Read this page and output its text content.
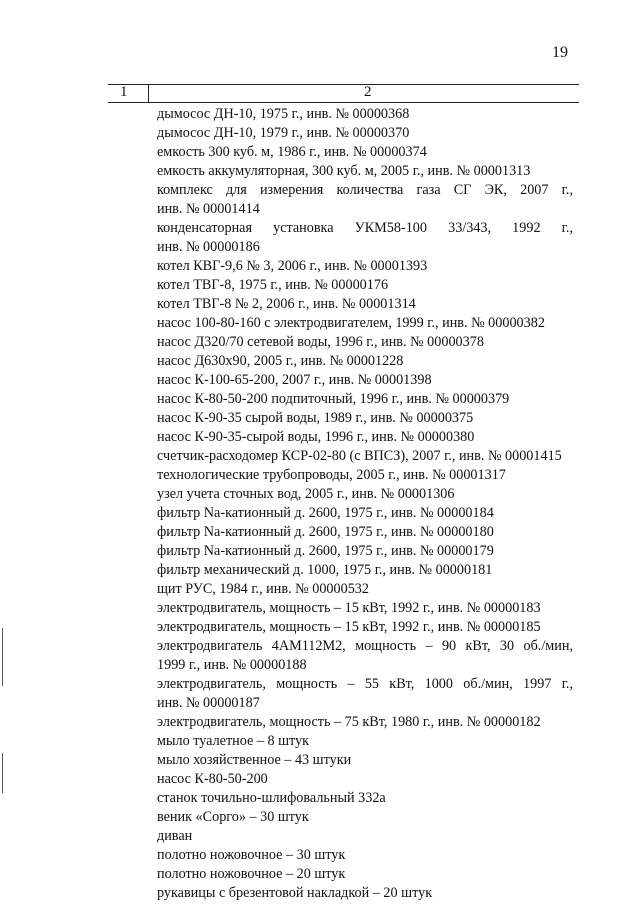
19
1	2
дымосос ДН-10, 1975 г., инв. № 00000368
дымосос ДН-10, 1979 г., инв. № 00000370
емкость 300 куб. м, 1986 г., инв. № 00000374
емкость аккумуляторная, 300 куб. м, 2005 г., инв. № 00001313
комплекс для измерения количества газа СГ ЭК, 2007 г.,
инв. № 00001414
конденсаторная установка УКМ58-100 33/343, 1992 г.,
инв. № 00000186
котел КВГ-9,6 № 3, 2006 г., инв. № 00001393
котел ТВГ-8, 1975 г., инв. № 00000176
котел ТВГ-8 № 2, 2006 г., инв. № 00001314
насос 100-80-160 с электродвигателем, 1999 г., инв. № 00000382
насос Д320/70 сетевой воды, 1996 г., инв. № 00000378
насос Д630х90, 2005 г., инв. № 00001228
насос К-100-65-200, 2007 г., инв. № 00001398
насос К-80-50-200 подпиточный, 1996 г., инв. № 00000379
насос К-90-35 сырой воды, 1989 г., инв. № 00000375
насос К-90-35-сырой воды, 1996 г., инв. № 00000380
счетчик-расходомер КСР-02-80 (с ВПСЗ), 2007 г., инв. № 00001415
технологические трубопроводы, 2005 г., инв. № 00001317
узел учета сточных вод, 2005 г., инв. № 00001306
фильтр Na-катионный д. 2600, 1975 г., инв. № 00000184
фильтр Na-катионный д. 2600, 1975 г., инв. № 00000180
фильтр Na-катионный д. 2600, 1975 г., инв. № 00000179
фильтр механический д. 1000, 1975 г., инв. № 00000181
щит РУС, 1984 г., инв. № 00000532
электродвигатель, мощность – 15 кВт, 1992 г., инв. № 00000183
электродвигатель, мощность – 15 кВт, 1992 г., инв. № 00000185
электродвигатель 4АМ112М2, мощность – 90 кВт, 30 об./мин,
1999 г., инв. № 00000188
электродвигатель, мощность – 55 кВт, 1000 об./мин, 1997 г.,
инв. № 00000187
электродвигатель, мощность – 75 кВт, 1980 г., инв. № 00000182
мыло туалетное – 8 штук
мыло хозяйственное – 43 штуки
насос К-80-50-200
станок точильно-шлифовальный 332а
веник «Сорго» – 30 штук
диван
полотно ножовочное – 30 штук
полотно ножовочное – 20 штук
рукавицы с брезентовой накладкой – 20 штук
